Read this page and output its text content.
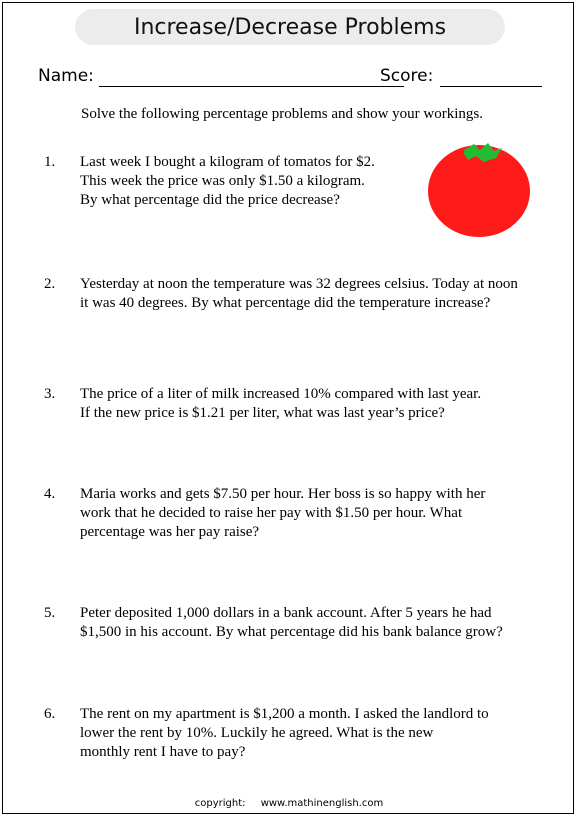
Increase/Decrease Problems
Name:	Score:
Solve the following percentage problems and show your workings.
1.	Last week I bought a kilogram of tomatos for $2.
This week the price was only $1.50 a kilogram.
By what percentage did the price decrease?
2.	Yesterday at noon the temperature was 32 degrees celsius. Today at noon
it was 40 degrees. By what percentage did the temperature increase?
3.	The price of a liter of milk increased 10% compared with last year.
If the new price is $1.21 per liter, what was last year’s price?
4.	Maria works and gets $7.50 per hour. Her boss is so happy with her
work that he decided to raise her pay with $1.50 per hour. What
percentage was her pay raise?
5.	Peter deposited 1,000 dollars in a bank account. After 5 years he had
$1,500 in his account. By what percentage did his bank balance grow?
6.	The rent on my apartment is $1,200 a month. I asked the landlord to
lower the rent by 10%. Luckily he agreed. What is the new
monthly rent I have to pay?
copyright: www.mathinenglish.com
